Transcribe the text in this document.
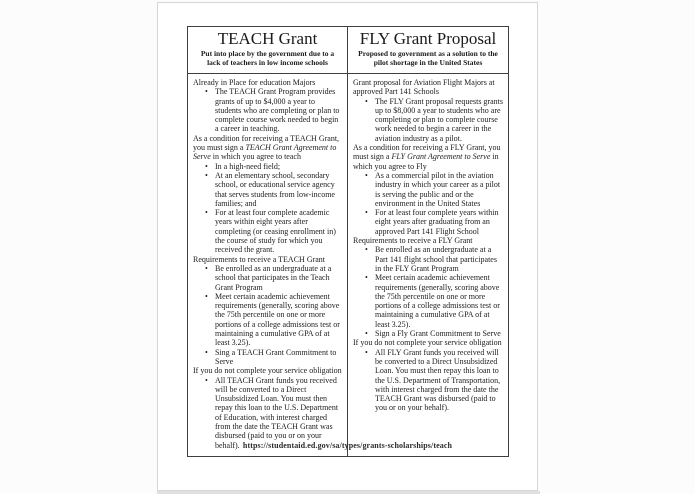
TEACH Grant
Put into place by the government due to a lack of teachers in low income schools
FLY Grant Proposal
Proposed to government as a solution to the pilot shortage in the United States
Already in Place for education Majors
• The TEACH Grant Program provides grants of up to $4,000 a year to students who are completing or plan to complete course work needed to begin a career in teaching.
As a condition for receiving a TEACH Grant, you must sign a TEACH Grant Agreement to Serve in which you agree to teach
• In a high-need field;
• At an elementary school, secondary school, or educational service agency that serves students from low-income families; and
• For at least four complete academic years within eight years after completing (or ceasing enrollment in) the course of study for which you received the grant.
Requirements to receive a TEACH Grant
• Be enrolled as an undergraduate at a school that participates in the Teach Grant Program
• Meet certain academic achievement requirements (generally, scoring above the 75th percentile on one or more portions of a college admissions test or maintaining a cumulative GPA of at least 3.25).
• Sing a TEACH Grant Commitment to Serve
If you do not complete your service obligation
• All TEACH Grant funds you received will be converted to a Direct Unsubsidized Loan. You must then repay this loan to the U.S. Department of Education, with interest charged from the date the TEACH Grant was disbursed (paid to you or on your behalf).
Grant proposal for Aviation Flight Majors at approved Part 141 Schools
• The FLY Grant proposal requests grants up to $8,000 a year to students who are completing or plan to complete course work needed to begin a career in the aviation industry as a pilot.
As a condition for receiving a FLY Grant, you must sign a FLY Grant Agreement to Serve in which you agree to Fly
• As a commercial pilot in the aviation industry in which your career as a pilot is serving the public and or the environment in the United States
• For at least four complete years within eight years after graduating from an approved Part 141 Flight School
Requirements to receive a FLY Grant
• Be enrolled as an undergraduate at a Part 141 flight school that participates in the FLY Grant Program
• Meet certain academic achievement requirements (generally, scoring above the 75th percentile on one or more portions of a college admissions test or maintaining a cumulative GPA of at least 3.25).
• Sign a Fly Grant Commitment to Serve
If you do not complete your service obligation
• All FLY Grant funds you received will be converted to a Direct Unsubsidized Loan. You must then repay this loan to the U.S. Department of Transportation, with interest charged from the date the TEACH Grant was disbursed (paid to you or on your behalf).
https://studentaid.ed.gov/sa/types/grants-scholarships/teach
